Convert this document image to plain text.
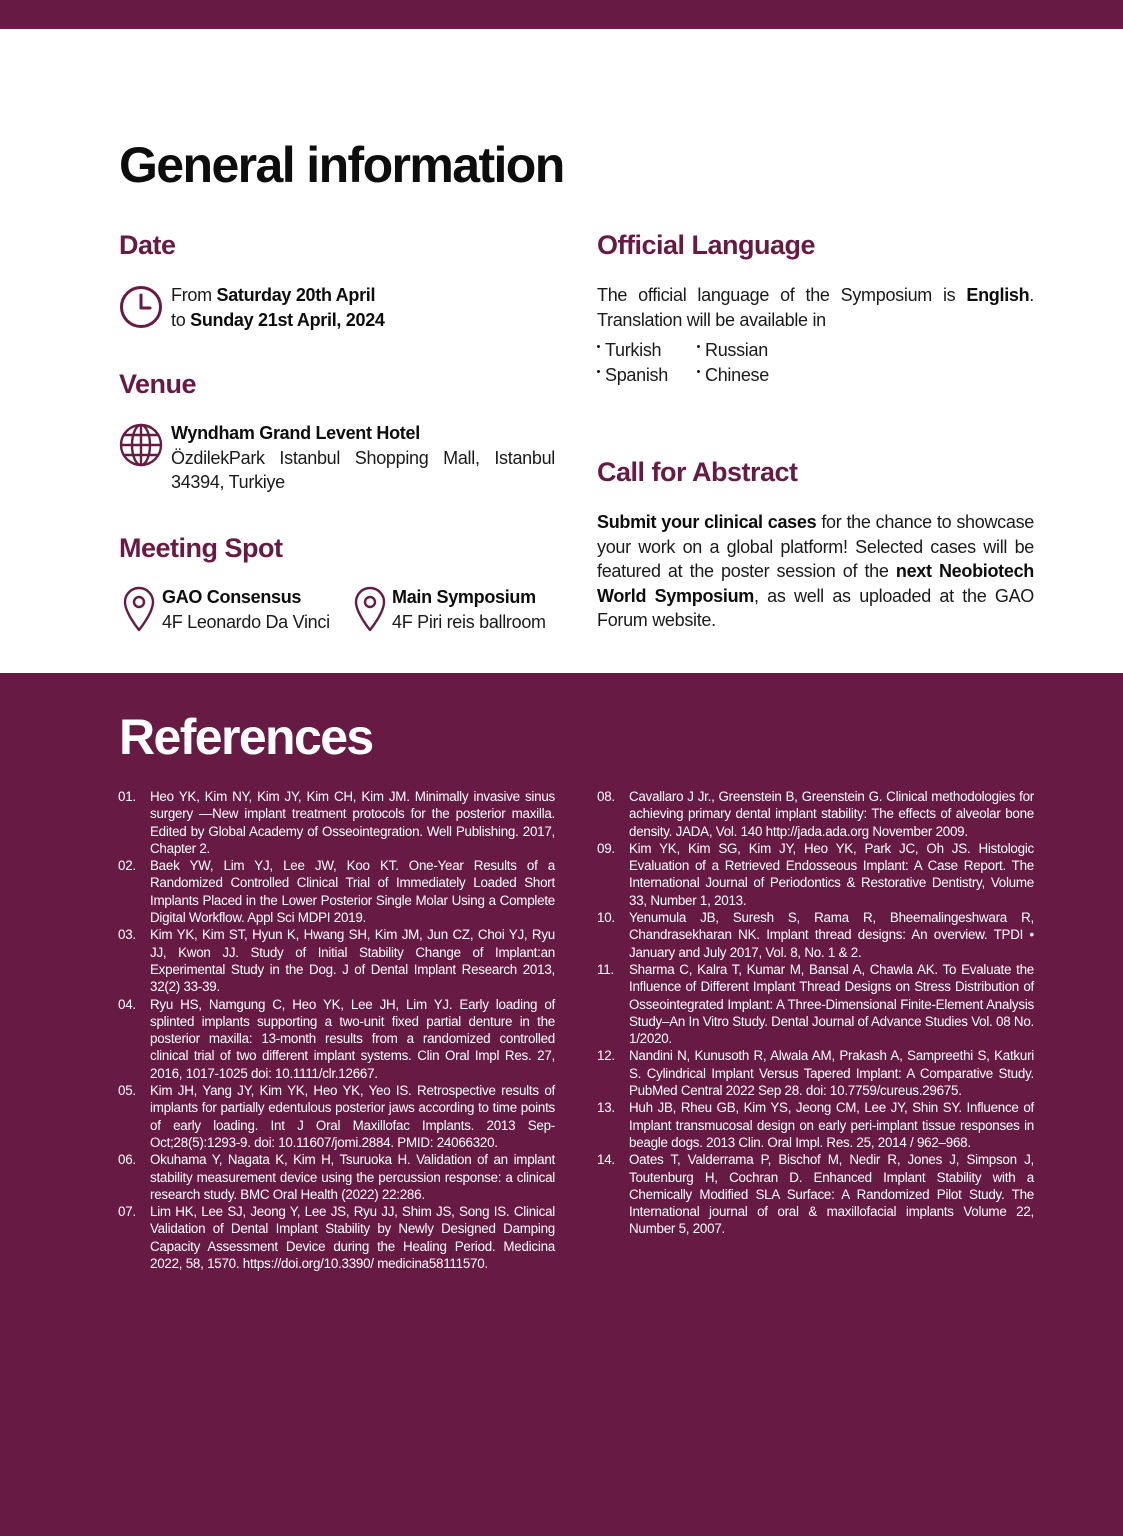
General information
Date
From Saturday 20th April
to Sunday 21st April, 2024
Venue
Wyndham Grand Levent Hotel
ÖzdilekPark Istanbul Shopping Mall, Istanbul 34394, Turkiye
Meeting Spot
GAO Consensus
4F Leonardo Da Vinci
Main Symposium
4F Piri reis ballroom
Official Language
The official language of the Symposium is English. Translation will be available in
Turkish Russian
Spanish Chinese
Call for Abstract
Submit your clinical cases for the chance to showcase your work on a global platform! Selected cases will be featured at the poster session of the next Neobiotech World Symposium, as well as uploaded at the GAO Forum website.
References
01. Heo YK, Kim NY, Kim JY, Kim CH, Kim JM. Minimally invasive sinus surgery —New implant treatment protocols for the posterior maxilla. Edited by Global Academy of Osseointegration. Well Publishing. 2017, Chapter 2.
02. Baek YW, Lim YJ, Lee JW, Koo KT. One-Year Results of a Randomized Controlled Clinical Trial of Immediately Loaded Short Implants Placed in the Lower Posterior Single Molar Using a Complete Digital Workflow. Appl Sci MDPI 2019.
03. Kim YK, Kim ST, Hyun K, Hwang SH, Kim JM, Jun CZ, Choi YJ, Ryu JJ, Kwon JJ. Study of Initial Stability Change of Implant:an Experimental Study in the Dog. J of Dental Implant Research 2013, 32(2) 33-39.
04. Ryu HS, Namgung C, Heo YK, Lee JH, Lim YJ. Early loading of splinted implants supporting a two-unit fixed partial denture in the posterior maxilla: 13-month results from a randomized controlled clinical trial of two different implant systems. Clin Oral Impl Res. 27, 2016, 1017-1025 doi: 10.1111/clr.12667.
05. Kim JH, Yang JY, Kim YK, Heo YK, Yeo IS. Retrospective results of implants for partially edentulous posterior jaws according to time points of early loading. Int J Oral Maxillofac Implants. 2013 Sep-Oct;28(5):1293-9. doi: 10.11607/jomi.2884. PMID: 24066320.
06. Okuhama Y, Nagata K, Kim H, Tsuruoka H. Validation of an implant stability measurement device using the percussion response: a clinical research study. BMC Oral Health (2022) 22:286.
07. Lim HK, Lee SJ, Jeong Y, Lee JS, Ryu JJ, Shim JS, Song IS. Clinical Validation of Dental Implant Stability by Newly Designed Damping Capacity Assessment Device during the Healing Period. Medicina 2022, 58, 1570. https://doi.org/10.3390/ medicina58111570.
08. Cavallaro J Jr., Greenstein B, Greenstein G. Clinical methodologies for achieving primary dental implant stability: The effects of alveolar bone density. JADA, Vol. 140 http://jada.ada.org November 2009.
09. Kim YK, Kim SG, Kim JY, Heo YK, Park JC, Oh JS. Histologic Evaluation of a Retrieved Endosseous Implant: A Case Report. The International Journal of Periodontics & Restorative Dentistry, Volume 33, Number 1, 2013.
10. Yenumula JB, Suresh S, Rama R, Bheemalingeshwara R, Chandrasekharan NK. Implant thread designs: An overview. TPDI • January and July 2017, Vol. 8, No. 1 & 2.
11. Sharma C, Kalra T, Kumar M, Bansal A, Chawla AK. To Evaluate the Influence of Different Implant Thread Designs on Stress Distribution of Osseointegrated Implant: A Three-Dimensional Finite-Element Analysis Study–An In Vitro Study. Dental Journal of Advance Studies Vol. 08 No. 1/2020.
12. Nandini N, Kunusoth R, Alwala AM, Prakash A, Sampreethi S, Katkuri S. Cylindrical Implant Versus Tapered Implant: A Comparative Study. PubMed Central 2022 Sep 28. doi: 10.7759/cureus.29675.
13. Huh JB, Rheu GB, Kim YS, Jeong CM, Lee JY, Shin SY. Influence of Implant transmucosal design on early peri-implant tissue responses in beagle dogs. 2013 Clin. Oral Impl. Res. 25, 2014 / 962–968.
14. Oates T, Valderrama P, Bischof M, Nedir R, Jones J, Simpson J, Toutenburg H, Cochran D. Enhanced Implant Stability with a Chemically Modified SLA Surface: A Randomized Pilot Study. The International journal of oral & maxillofacial implants Volume 22, Number 5, 2007.
